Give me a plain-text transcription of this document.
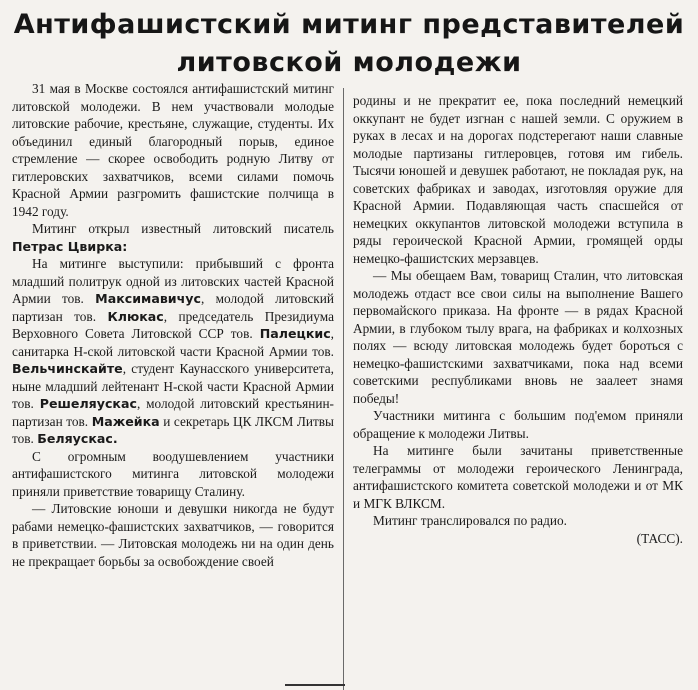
Антифашистский митинг представителей
литовской молодежи

31 мая в Москве состоялся антифашистский митинг литовской молодежи. В нем участвовали молодые литовские рабочие, крестьяне, служащие, студенты. Их объединил единый благородный порыв, единое стремление — скорее освободить родную Литву от гитлеровских захватчиков, всеми силами помочь Красной Армии разгромить фашистские полчища в 1942 году.

Митинг открыл известный литовский писатель Петрас Цвирка:

На митинге выступили: прибывший с фронта младший политрук одной из литовских частей Красной Армии тов. Максимавичус, молодой литовский партизан тов. Клюкас, председатель Президиума Верховного Совета Литовской ССР тов. Палецкис, санитарка Н-ской литовской части Красной Армии тов. Вельчинскайте, студент Каунасского университета, ныне младший лейтенант Н-ской части Красной Армии тов. Решеляускас, молодой литовский крестьянин-партизан тов. Мажейка и секретарь ЦК ЛКСМ Литвы тов. Беляускас.

С огромным воодушевлением участники антифашистского митинга литовской молодежи приняли приветствие товарищу Сталину.

— Литовские юноши и девушки никогда не будут рабами немецко-фашистских захватчиков, — говорится в приветствии. — Литовская молодежь ни на один день не прекращает борьбы за освобождение своей

родины и не прекратит ее, пока последний немецкий оккупант не будет изгнан с нашей земли. С оружием в руках в лесах и на дорогах подстерегают наши славные молодые партизаны гитлеровцев, готовя им гибель. Тысячи юношей и девушек работают, не покладая рук, на советских фабриках и заводах, изготовляя оружие для Красной Армии. Подавляющая часть спасшейся от немецких оккупантов литовской молодежи вступила в ряды героической Красной Армии, громящей орды немецко-фашистских мерзавцев.

— Мы обещаем Вам, товарищ Сталин, что литовская молодежь отдаст все свои силы на выполнение Вашего первомайского приказа. На фронте — в рядах Красной Армии, в глубоком тылу врага, на фабриках и колхозных полях — всюду литовская молодежь будет бороться с немецко-фашистскими захватчиками, пока над всеми советскими республиками вновь не заалеет знамя победы!

Участники митинга с большим под'емом приняли обращение к молодежи Литвы.

На митинге были зачитаны приветственные телеграммы от молодежи героического Ленинграда, антифашистского комитета советской молодежи и от МК и МГК ВЛКСМ.

Митинг транслировался по радио.

(ТАСС).
